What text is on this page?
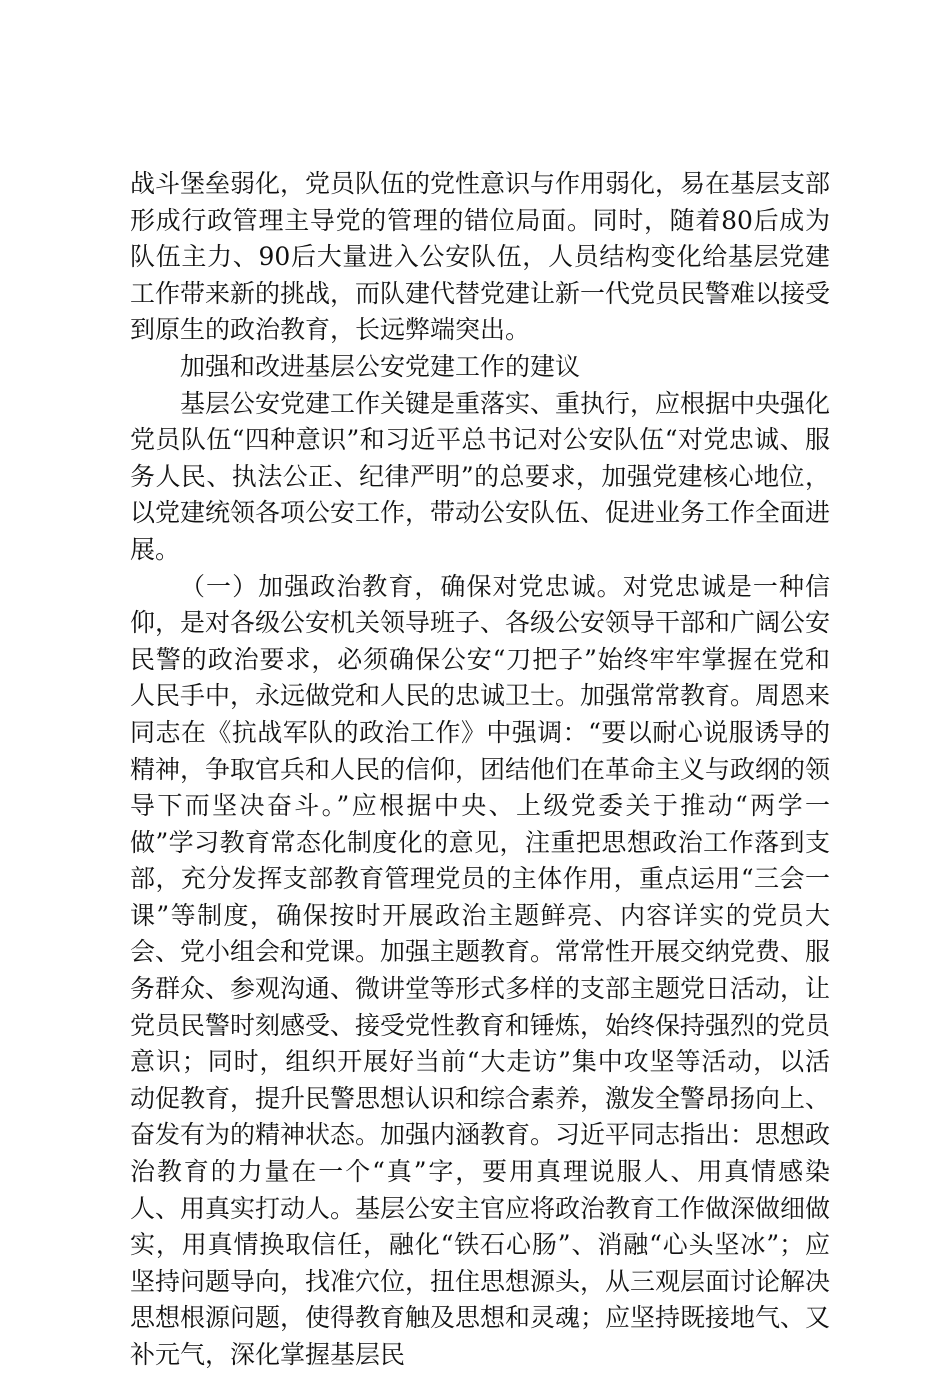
战斗堡垒弱化，党员队伍的党性意识与作用弱化，易在基层支部形成行政管理主导党的管理的错位局面。同时，随着80后成为队伍主力、90后大量进入公安队伍，人员结构变化给基层党建工作带来新的挑战，而队建代替党建让新一代党员民警难以接受到原生的政治教育，长远弊端突出。

加强和改进基层公安党建工作的建议

基层公安党建工作关键是重落实、重执行，应根据中央强化党员队伍“四种意识”和习近平总书记对公安队伍“对党忠诚、服务人民、执法公正、纪律严明”的总要求，加强党建核心地位，以党建统领各项公安工作，带动公安队伍、促进业务工作全面进展。

（一）加强政治教育，确保对党忠诚。对党忠诚是一种信仰，是对各级公安机关领导班子、各级公安领导干部和广阔公安民警的政治要求，必须确保公安“刀把子”始终牢牢掌握在党和人民手中，永远做党和人民的忠诚卫士。加强常常教育。周恩来同志在《抗战军队的政治工作》中强调：“要以耐心说服诱导的精神，争取官兵和人民的信仰，团结他们在革命主义与政纲的领导下而坚决奋斗。”应根据中央、上级党委关于推动“两学一做”学习教育常态化制度化的意见，注重把思想政治工作落到支部，充分发挥支部教育管理党员的主体作用，重点运用“三会一课”等制度，确保按时开展政治主题鲜亮、内容详实的党员大会、党小组会和党课。加强主题教育。常常性开展交纳党费、服务群众、参观沟通、微讲堂等形式多样的支部主题党日活动，让党员民警时刻感受、接受党性教育和锤炼，始终保持强烈的党员意识；同时，组织开展好当前“大走访”集中攻坚等活动，以活动促教育，提升民警思想认识和综合素养，激发全警昂扬向上、奋发有为的精神状态。加强内涵教育。习近平同志指出：思想政治教育的力量在一个“真”字，要用真理说服人、用真情感染人、用真实打动人。基层公安主官应将政治教育工作做深做细做实，用真情换取信任，融化“铁石心肠”、消融“心头坚冰”；应坚持问题导向，找准穴位，扭住思想源头，从三观层面讨论解决思想根源问题，使得教育触及思想和灵魂；应坚持既接地气、又补元气，深化掌握基层民
